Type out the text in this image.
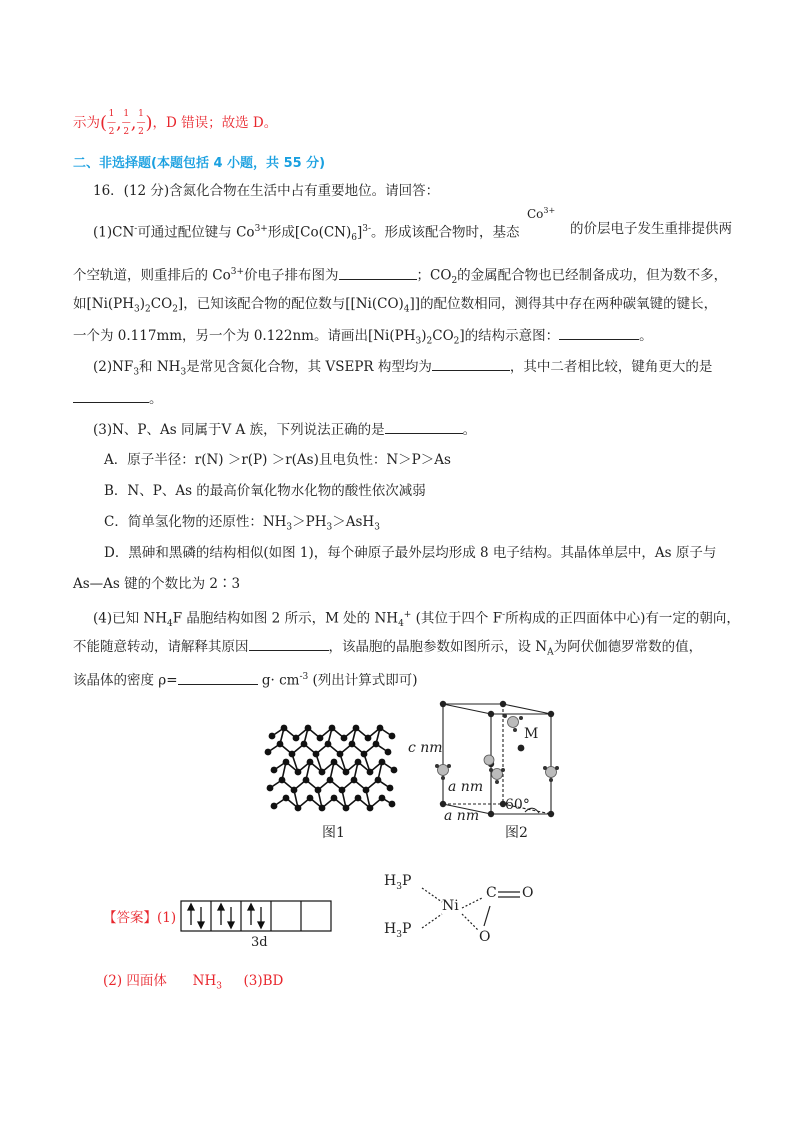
示为( 1
—
2, 1
—
2, 1
—
2)，D 错误；故选 D。
二、非选择题(本题包括 4 小题，共 55 分)
16．(12 分)含氮化合物在生活中占有重要地位。请回答：
(1)CN-可通过配位键与 $Co^{3+}$形成$[Co(CN)_6]^{3-}$。形成该配合物时，基态
$Co^{3+}$
的价层电子发生重排提供两
个空轨道，则重排后的 $Co^{3+}$价电子排布图为	；$CO_2$的金属配合物也已经制备成功，但为数不多，
如$[Ni(PH_3)_2CO_2]$，已知该配合物的配位数与$[[Ni(CO)_4]]$的配位数相同，测得其中存在两种碳氧键的键长，
一个为 0.117mm，另一个为 0.122nm。请画出$[Ni(PH_3)_2CO_2]$的结构示意图：	。
$(2)NF_3$和 $NH_3$是常见含氮化合物，其 VSEPR 构型均为	，其中二者相比较，键角更大的是
。
(3)N、P、As 同属于Ⅴ A 族，下列说法正确的是	。
A．原子半径：r(N) ＞r(P) ＞r(As)且电负性：N＞P＞As
B．N、P、As 的最高价氧化物水化物的酸性依次减弱
C．简单氢化物的还原性：$NH_3>PH_3>AsH_3$
D．黑砷和黑磷的结构相似(如图 1)，每个砷原子最外层均形成 8 电子结构。其晶体单层中，As 原子与
As—As 键的个数比为 2∶3
(4)已知 $NH_4F$ 晶胞结构如图 2 所示，M 处的 $NH_4^+$ (其位于四个 F-所构成的正四面体中心)有一定的朝向，
不能随意转动，请解释其原因	，该晶胞的晶胞参数如图所示，设 $N_A$为阿伏伽德罗常数的值，
该晶体的密度 ρ=	$g\cdot cm^{-3}$ (列出计算式即可)
图1
c nm
M
a nm
60°
a nm
图2
【答案】(1)
3d
$H_3P$
$H_3P$
Ni
C O
O
(2) 四面体 $NH_3$ (3)BD
